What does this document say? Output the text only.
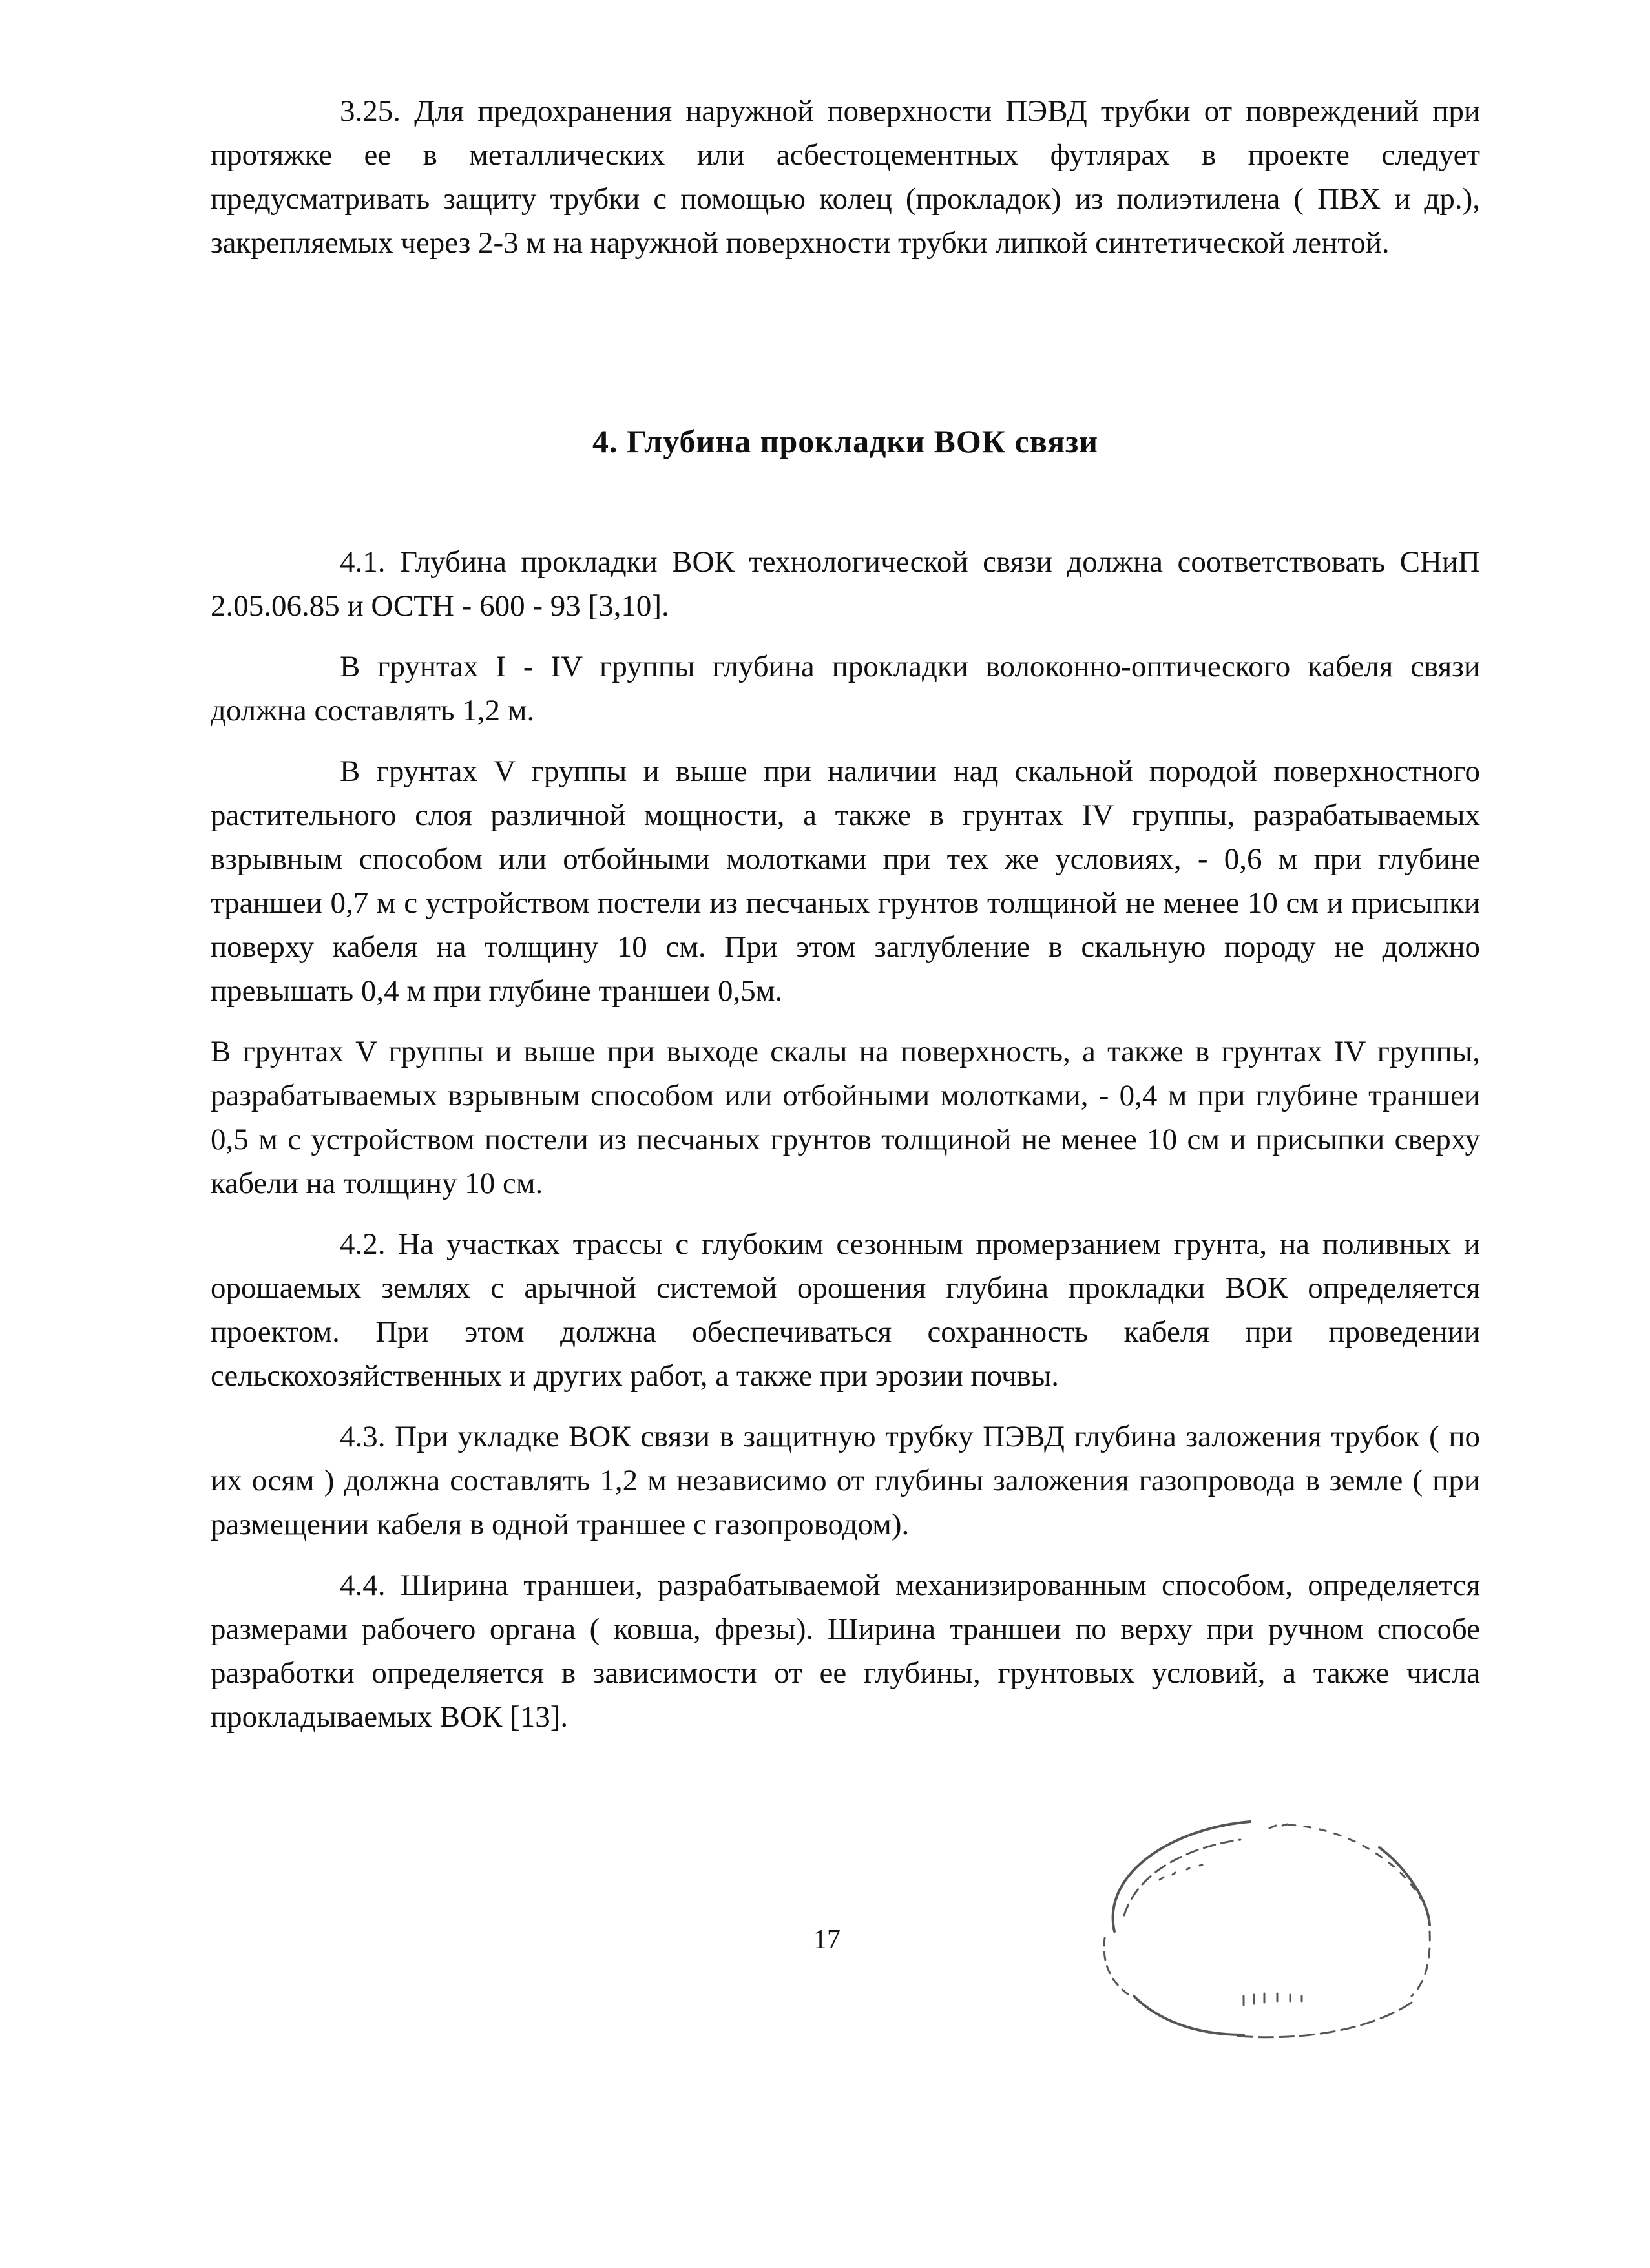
3.25. Для предохранения наружной поверхности ПЭВД трубки от повреждений при протяжке ее в металлических или асбестоцементных футлярах в проекте следует предусматривать защиту трубки с помощью колец (прокладок) из полиэтилена ( ПВХ и др.), закрепляемых через 2-3 м на наружной поверхности трубки липкой синтетической лентой.

4. Глубина прокладки ВОК связи

4.1. Глубина прокладки ВОК технологической связи должна соответствовать СНиП 2.05.06.85 и ОСТН - 600 - 93 [3,10].

В грунтах I - IV группы глубина прокладки волоконно-оптического кабеля связи должна составлять 1,2 м.

В грунтах V группы и выше при наличии над скальной породой поверхностного растительного слоя различной мощности, а также в грунтах IV группы, разрабатываемых взрывным способом или отбойными молотками при тех же условиях, - 0,6 м при глубине траншеи 0,7 м с устройством постели из песчаных грунтов толщиной не менее 10 см и присыпки поверху кабеля на толщину 10 см. При этом заглубление в скальную породу не должно превышать 0,4 м при глубине траншеи 0,5м.

В грунтах V группы и выше при выходе скалы на поверхность, а также в грунтах IV группы, разрабатываемых взрывным способом или отбойными молотками, - 0,4 м при глубине траншеи 0,5 м с устройством постели из песчаных грунтов толщиной не менее 10 см и присыпки сверху кабели на толщину 10 см.

4.2. На участках трассы с глубоким сезонным промерзанием грунта, на поливных и орошаемых землях с арычной системой орошения глубина прокладки ВОК определяется проектом. При этом должна обеспечиваться сохранность кабеля при проведении сельскохозяйственных и других работ, а также при эрозии почвы.

4.3. При укладке ВОК связи в защитную трубку ПЭВД глубина заложения трубок ( по их осям ) должна составлять 1,2 м независимо от глубины заложения газопровода в земле ( при размещении кабеля в одной траншее с газопроводом).

4.4. Ширина траншеи, разрабатываемой механизированным способом, определяется размерами рабочего органа ( ковша, фрезы). Ширина траншеи по верху при ручном способе разработки определяется в зависимости от ее глубины, грунтовых условий, а также числа прокладываемых ВОК [13].

17
